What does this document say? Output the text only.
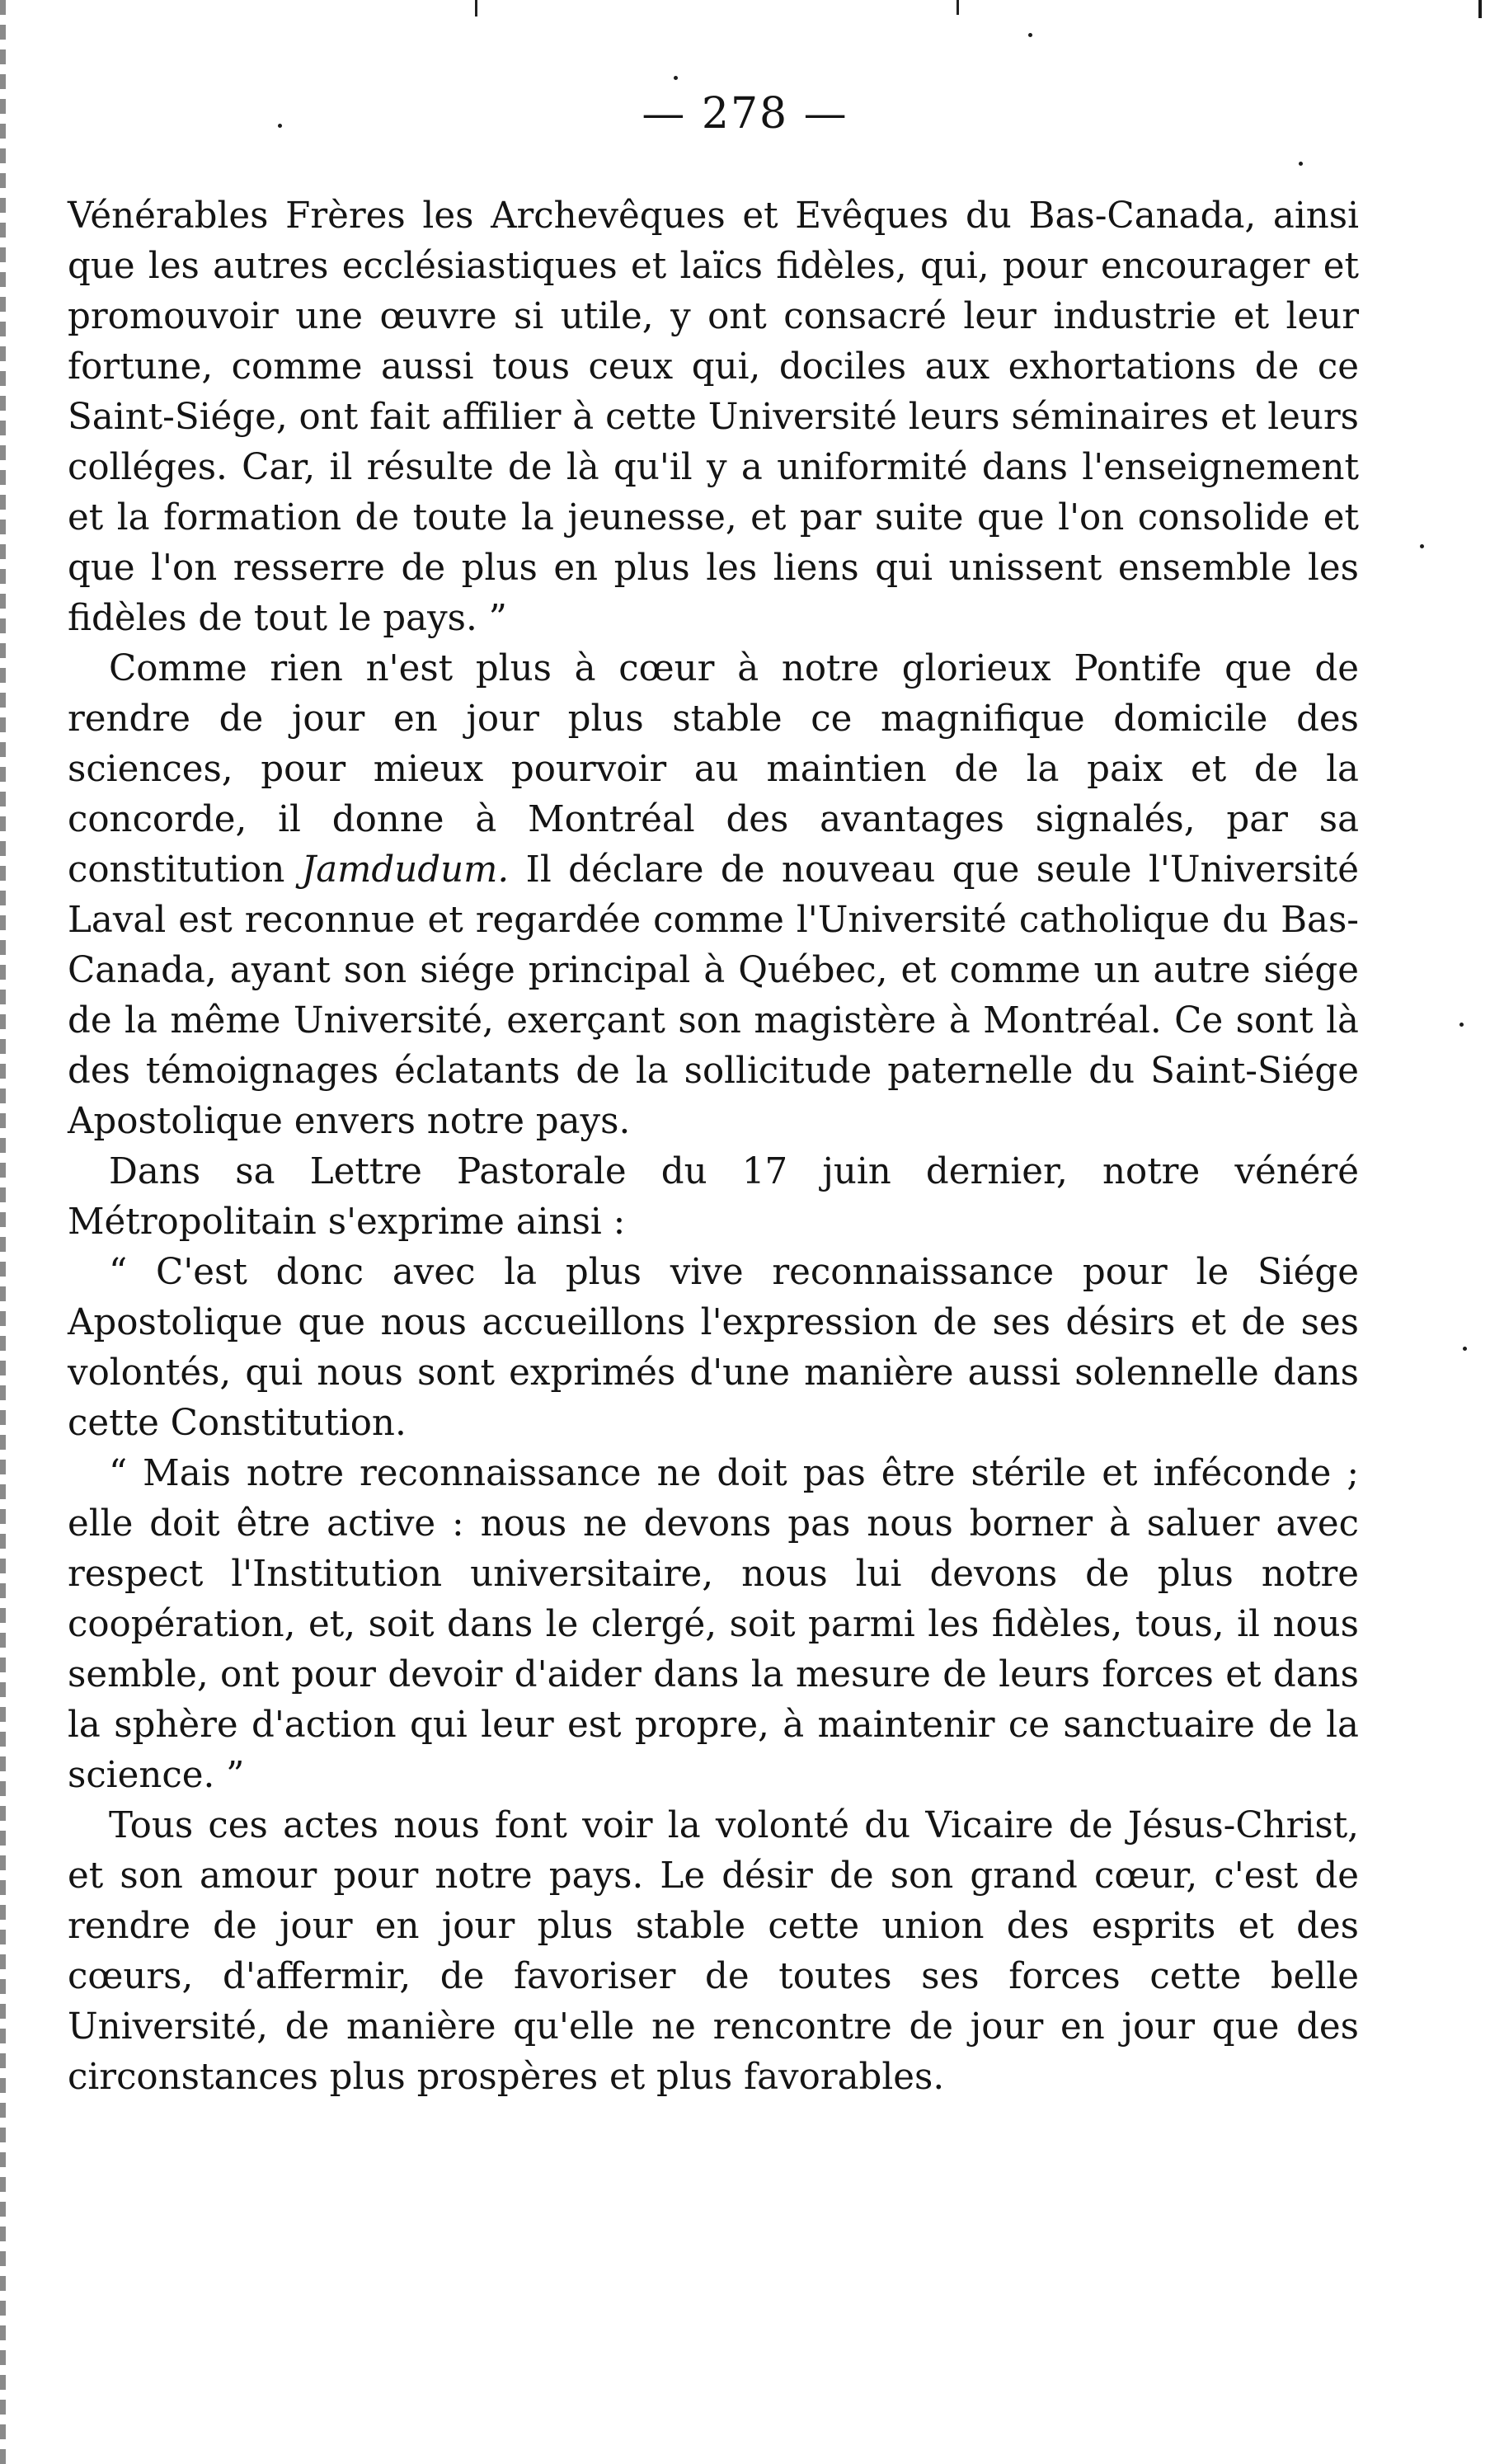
— 278 —

Vénérables Frères les Archevêques et Evêques du Bas-Canada, ainsi que les autres ecclésiastiques et laïcs fidèles, qui, pour encourager et promouvoir une œuvre si utile, y ont consacré leur industrie et leur fortune, comme aussi tous ceux qui, dociles aux exhortations de ce Saint-Siége, ont fait affilier à cette Université leurs séminaires et leurs colléges. Car, il résulte de là qu'il y a uniformité dans l'enseignement et la formation de toute la jeunesse, et par suite que l'on consolide et que l'on resserre de plus en plus les liens qui unissent ensemble les fidèles de tout le pays. ”

Comme rien n'est plus à cœur à notre glorieux Pontife que de rendre de jour en jour plus stable ce magnifique domicile des sciences, pour mieux pourvoir au maintien de la paix et de la concorde, il donne à Montréal des avantages signalés, par sa constitution Jamdudum. Il déclare de nouveau que seule l'Université Laval est reconnue et regardée comme l'Université catholique du Bas-Canada, ayant son siége principal à Québec, et comme un autre siége de la même Université, exerçant son magistère à Montréal. Ce sont là des témoignages éclatants de la sollicitude paternelle du Saint-Siége Apostolique envers notre pays.

Dans sa Lettre Pastorale du 17 juin dernier, notre vénéré Métropolitain s'exprime ainsi :

“ C'est donc avec la plus vive reconnaissance pour le Siége Apostolique que nous accueillons l'expression de ses désirs et de ses volontés, qui nous sont exprimés d'une manière aussi solennelle dans cette Constitution.

“ Mais notre reconnaissance ne doit pas être stérile et inféconde ; elle doit être active : nous ne devons pas nous borner à saluer avec respect l'Institution universitaire, nous lui devons de plus notre coopération, et, soit dans le clergé, soit parmi les fidèles, tous, il nous semble, ont pour devoir d'aider dans la mesure de leurs forces et dans la sphère d'action qui leur est propre, à maintenir ce sanctuaire de la science. ”

Tous ces actes nous font voir la volonté du Vicaire de Jésus-Christ, et son amour pour notre pays. Le désir de son grand cœur, c'est de rendre de jour en jour plus stable cette union des esprits et des cœurs, d'affermir, de favoriser de toutes ses forces cette belle Université, de manière qu'elle ne rencontre de jour en jour que des circonstances plus prospères et plus favorables.
